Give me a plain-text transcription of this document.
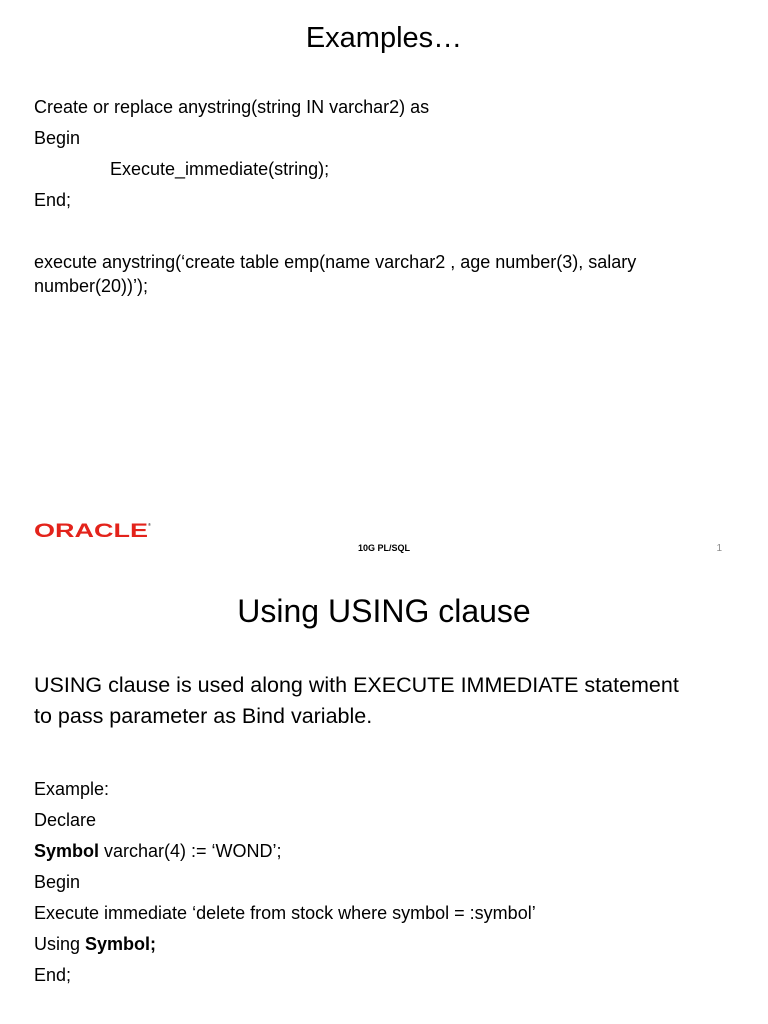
Examples…
Create or replace anystring(string IN varchar2) as
Begin
Execute_immediate(string);
End;
execute anystring(‘create table emp(name varchar2 , age number(3), salary
number(20))’);
ORACLE ®
10G PL/SQL	1
Using USING clause
USING clause is used along with EXECUTE IMMEDIATE statement
to pass parameter as Bind variable.
Example:
Declare
Symbol varchar(4) := ‘WOND’;
Begin
Execute immediate ‘delete from stock where symbol = :symbol’
Using Symbol;
End;
